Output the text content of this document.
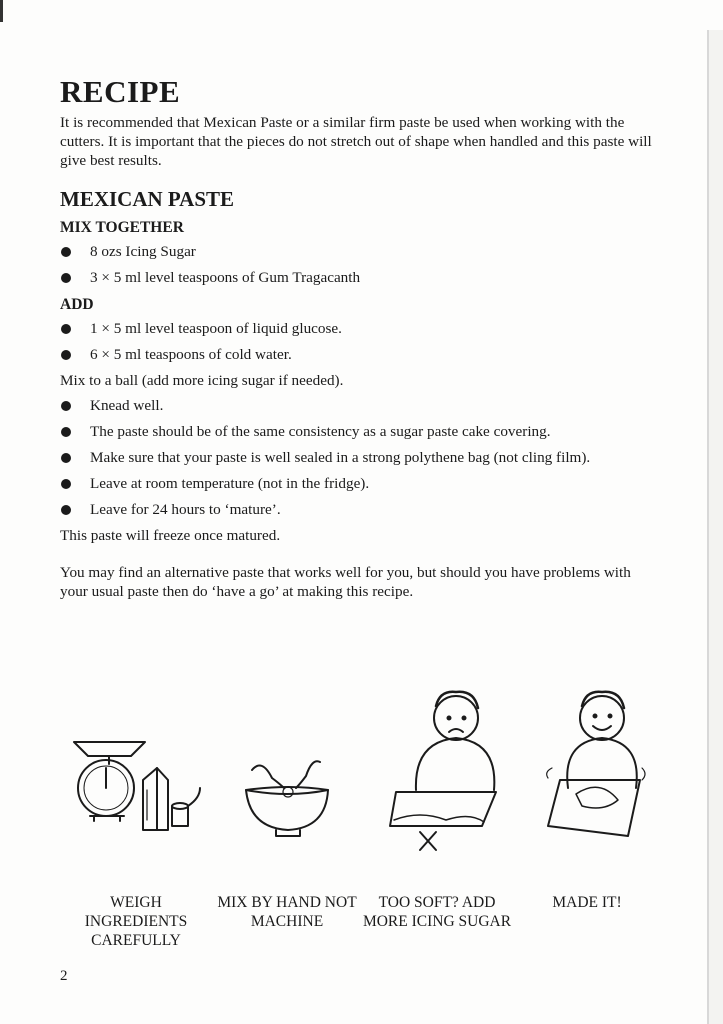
RECIPE

It is recommended that Mexican Paste or a similar firm paste be used when working with the cutters. It is important that the pieces do not stretch out of shape when handled and this paste will give best results.

MEXICAN PASTE
MIX TOGETHER
8 ozs Icing Sugar
3 × 5 ml level teaspoons of Gum Tragacanth
ADD
1 × 5 ml level teaspoon of liquid glucose.
6 × 5 ml teaspoons of cold water.

Mix to a ball (add more icing sugar if needed).

Knead well.
The paste should be of the same consistency as a sugar paste cake covering.
Make sure that your paste is well sealed in a strong polythene bag (not cling film).
Leave at room temperature (not in the fridge).
Leave for 24 hours to ‘mature’.

This paste will freeze once matured.

You may find an alternative paste that works well for you, but should you have problems with your usual paste then do ‘have a go’ at making this recipe.

WEIGH INGREDIENTS CAREFULLY
MIX BY HAND NOT MACHINE
TOO SOFT? ADD MORE ICING SUGAR
MADE IT!
2
